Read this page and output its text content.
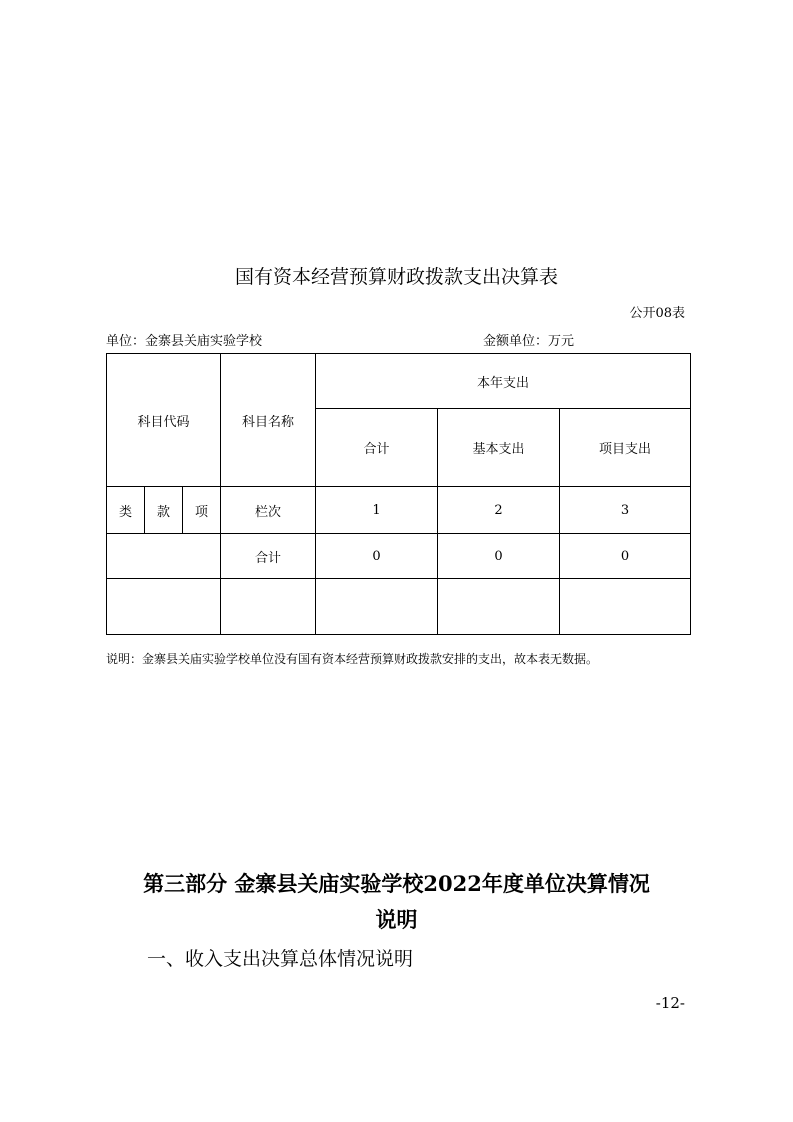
国有资本经营预算财政拨款支出决算表
公开08表
单位：金寨县关庙实验学校	金额单位：万元
科目代码			科目名称	本年支出		
				合计	基本支出	项目支出
类	款	项	栏次	1	2	3
			合计	0	0	0

说明：金寨县关庙实验学校单位没有国有资本经营预算财政拨款安排的支出，故本表无数据。
第三部分 金寨县关庙实验学校2022年度单位决算情况
说明
一、收入支出决算总体情况说明
-12-
